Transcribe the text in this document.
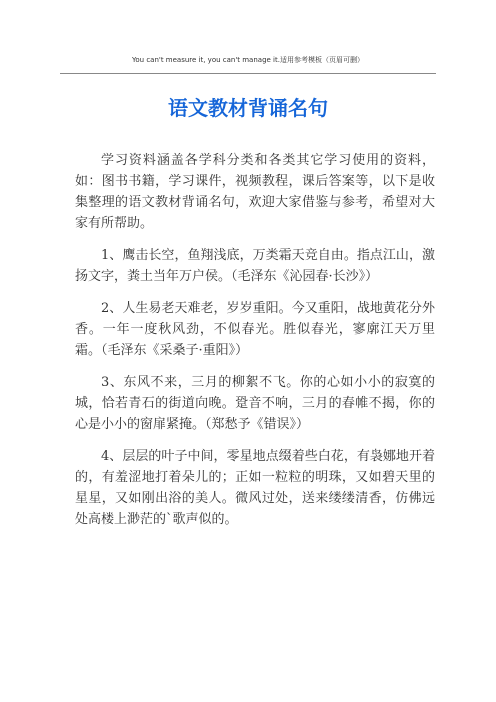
You can't measure it, you can't manage it.适用参考模板（页眉可删）
语文教材背诵名句

学习资料涵盖各学科分类和各类其它学习使用的资料，如：图书书籍，学习课件，视频教程，课后答案等，以下是收集整理的语文教材背诵名句，欢迎大家借鉴与参考，希望对大家有所帮助。

1、鹰击长空，鱼翔浅底，万类霜天竞自由。指点江山，激扬文字，粪土当年万户侯。（毛泽东《沁园春·长沙》）

2、人生易老天难老，岁岁重阳。今又重阳，战地黄花分外香。一年一度秋风劲，不似春光。胜似春光，寥廓江天万里霜。（毛泽东《采桑子·重阳》）

3、东风不来，三月的柳絮不飞。你的心如小小的寂寞的城，恰若青石的街道向晚。跫音不响，三月的春帷不揭，你的心是小小的窗扉紧掩。（郑愁予《错误》）

4、层层的叶子中间，零星地点缀着些白花，有袅娜地开着的，有羞涩地打着朵儿的；正如一粒粒的明珠，又如碧天里的星星，又如刚出浴的美人。微风过处，送来缕缕清香，仿佛远处高楼上渺茫的`歌声似的。
